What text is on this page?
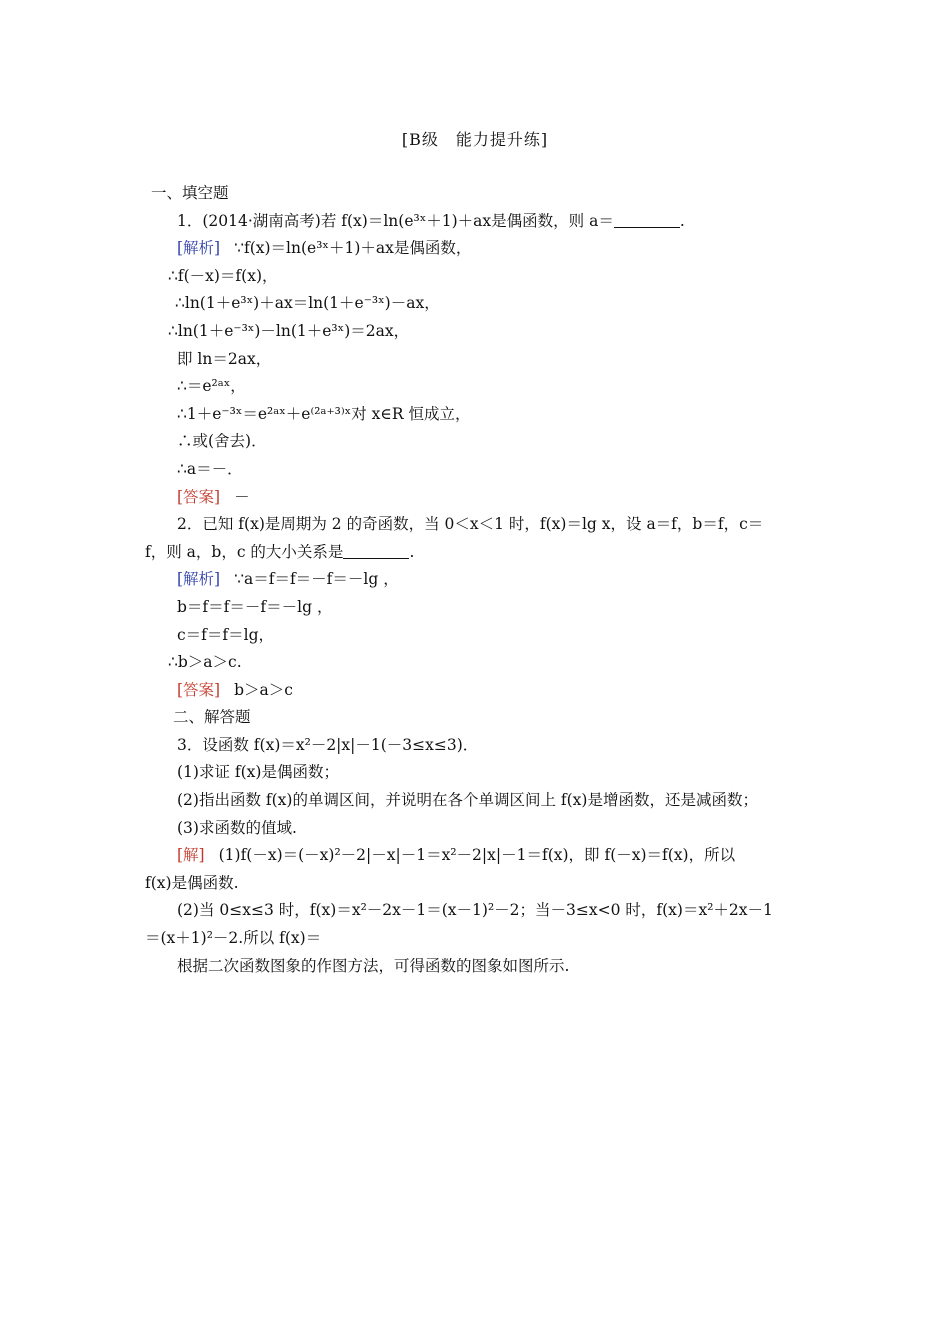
[B级　能力提升练]
一、填空题
1．(2014·湖南高考)若 f(x)＝ln(e³ˣ＋1)＋ax是偶函数，则 a＝	.
[解析] ∵f(x)＝ln(e³ˣ＋1)＋ax是偶函数，
∴f(－x)＝f(x)，
∴ln(1＋e³ˣ)＋ax＝ln(1＋e⁻³ˣ)－ax，
∴ln(1＋e⁻³ˣ)－ln(1＋e³ˣ)＝2ax，
即 ln＝2ax，
∴＝e²ᵃˣ，
∴1＋e⁻³ˣ＝e²ᵃˣ＋e⁽²ᵃ⁺³⁾ˣ对 x∈R 恒成立，
∴或(舍去)．
∴a＝－．
[答案] －
2．已知 f(x)是周期为 2 的奇函数，当 0＜x＜1 时，f(x)＝lg x，设 a＝f，b＝f，c＝
f，则 a，b，c 的大小关系是	.
[解析] ∵a＝f＝f＝－f＝－lg ，
b＝f＝f＝－f＝－lg ，
c＝f＝f＝lg，
∴b＞a＞c.
[答案] b＞a＞c
二、解答题
3．设函数 f(x)＝x²－2|x|－1(－3≤x≤3)．
(1)求证 f(x)是偶函数；
(2)指出函数 f(x)的单调区间，并说明在各个单调区间上 f(x)是增函数，还是减函数；
(3)求函数的值域.
[解] (1)f(－x)＝(－x)²－2|－x|－1＝x²－2|x|－1＝f(x)，即 f(－x)＝f(x)，所以
f(x)是偶函数.
(2)当 0≤x≤3 时，f(x)＝x²－2x－1＝(x－1)²－2；当－3≤x<0 时，f(x)＝x²＋2x－1
＝(x＋1)²－2.所以 f(x)＝
根据二次函数图象的作图方法，可得函数的图象如图所示.
